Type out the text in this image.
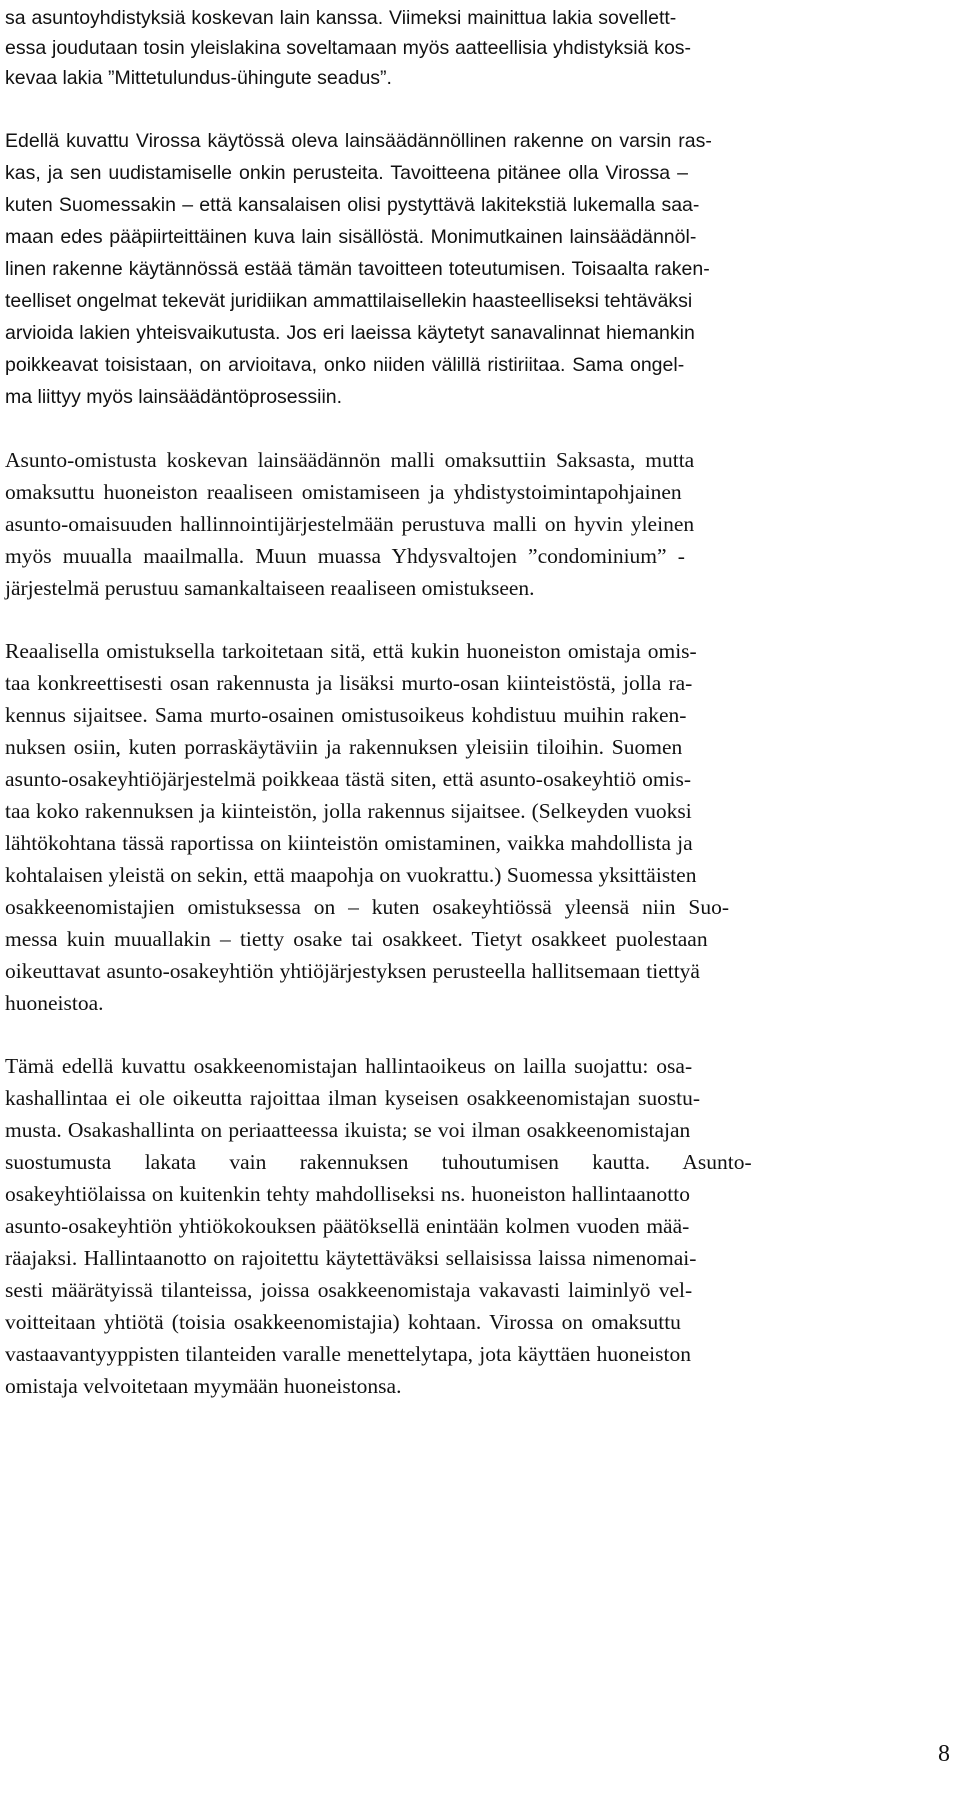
sa asuntoyhdistyksiä koskevan lain kanssa. Viimeksi mainittua lakia sovellett-
essa joudutaan tosin yleislakina soveltamaan myös aatteellisia yhdistyksiä kos-
kevaa lakia ”Mittetulundus-ühingute seadus”.
Edellä kuvattu Virossa käytössä oleva lainsäädännöllinen rakenne on varsin ras-
kas, ja sen uudistamiselle onkin perusteita. Tavoitteena pitänee olla Virossa –
kuten Suomessakin – että kansalaisen olisi pystyttävä lakitekstiä lukemalla saa-
maan edes pääpiirteittäinen kuva lain sisällöstä. Monimutkainen lainsäädännöl-
linen rakenne käytännössä estää tämän tavoitteen toteutumisen. Toisaalta raken-
teelliset ongelmat tekevät juridiikan ammattilaisellekin haasteelliseksi tehtäväksi
arvioida lakien yhteisvaikutusta. Jos eri laeissa käytetyt sanavalinnat hiemankin
poikkeavat toisistaan, on arvioitava, onko niiden välillä ristiriitaa. Sama ongel-
ma liittyy myös lainsäädäntöprosessiin.
Asunto-omistusta koskevan lainsäädännön malli omaksuttiin Saksasta, mutta
omaksuttu huoneiston reaaliseen omistamiseen ja yhdistystoimintapohjainen
asunto-omaisuuden hallinnointijärjestelmään perustuva malli on hyvin yleinen
myös muualla maailmalla. Muun muassa Yhdysvaltojen ”condominium” -
järjestelmä perustuu samankaltaiseen reaaliseen omistukseen.
Reaalisella omistuksella tarkoitetaan sitä, että kukin huoneiston omistaja omis-
taa konkreettisesti osan rakennusta ja lisäksi murto-osan kiinteistöstä, jolla ra-
kennus sijaitsee. Sama murto-osainen omistusoikeus kohdistuu muihin raken-
nuksen osiin, kuten porraskäytäviin ja rakennuksen yleisiin tiloihin. Suomen
asunto-osakeyhtiöjärjestelmä poikkeaa tästä siten, että asunto-osakeyhtiö omis-
taa koko rakennuksen ja kiinteistön, jolla rakennus sijaitsee. (Selkeyden vuoksi
lähtökohtana tässä raportissa on kiinteistön omistaminen, vaikka mahdollista ja
kohtalaisen yleistä on sekin, että maapohja on vuokrattu.) Suomessa yksittäisten
osakkeenomistajien omistuksessa on – kuten osakeyhtiössä yleensä niin Suo-
messa kuin muuallakin – tietty osake tai osakkeet. Tietyt osakkeet puolestaan
oikeuttavat asunto-osakeyhtiön yhtiöjärjestyksen perusteella hallitsemaan tiettyä
huoneistoa.
Tämä edellä kuvattu osakkeenomistajan hallintaoikeus on lailla suojattu: osa-
kashallintaa ei ole oikeutta rajoittaa ilman kyseisen osakkeenomistajan suostu-
musta. Osakashallinta on periaatteessa ikuista; se voi ilman osakkeenomistajan
suostumusta lakata vain rakennuksen tuhoutumisen kautta. Asunto-
osakeyhtiölaissa on kuitenkin tehty mahdolliseksi ns. huoneiston hallintaanotto
asunto-osakeyhtiön yhtiökokouksen päätöksellä enintään kolmen vuoden mää-
räajaksi. Hallintaanotto on rajoitettu käytettäväksi sellaisissa laissa nimenomai-
sesti määrätyissä tilanteissa, joissa osakkeenomistaja vakavasti laiminlyö vel-
voitteitaan yhtiötä (toisia osakkeenomistajia) kohtaan. Virossa on omaksuttu
vastaavantyyppisten tilanteiden varalle menettelytapa, jota käyttäen huoneiston
omistaja velvoitetaan myymään huoneistonsa.
8
